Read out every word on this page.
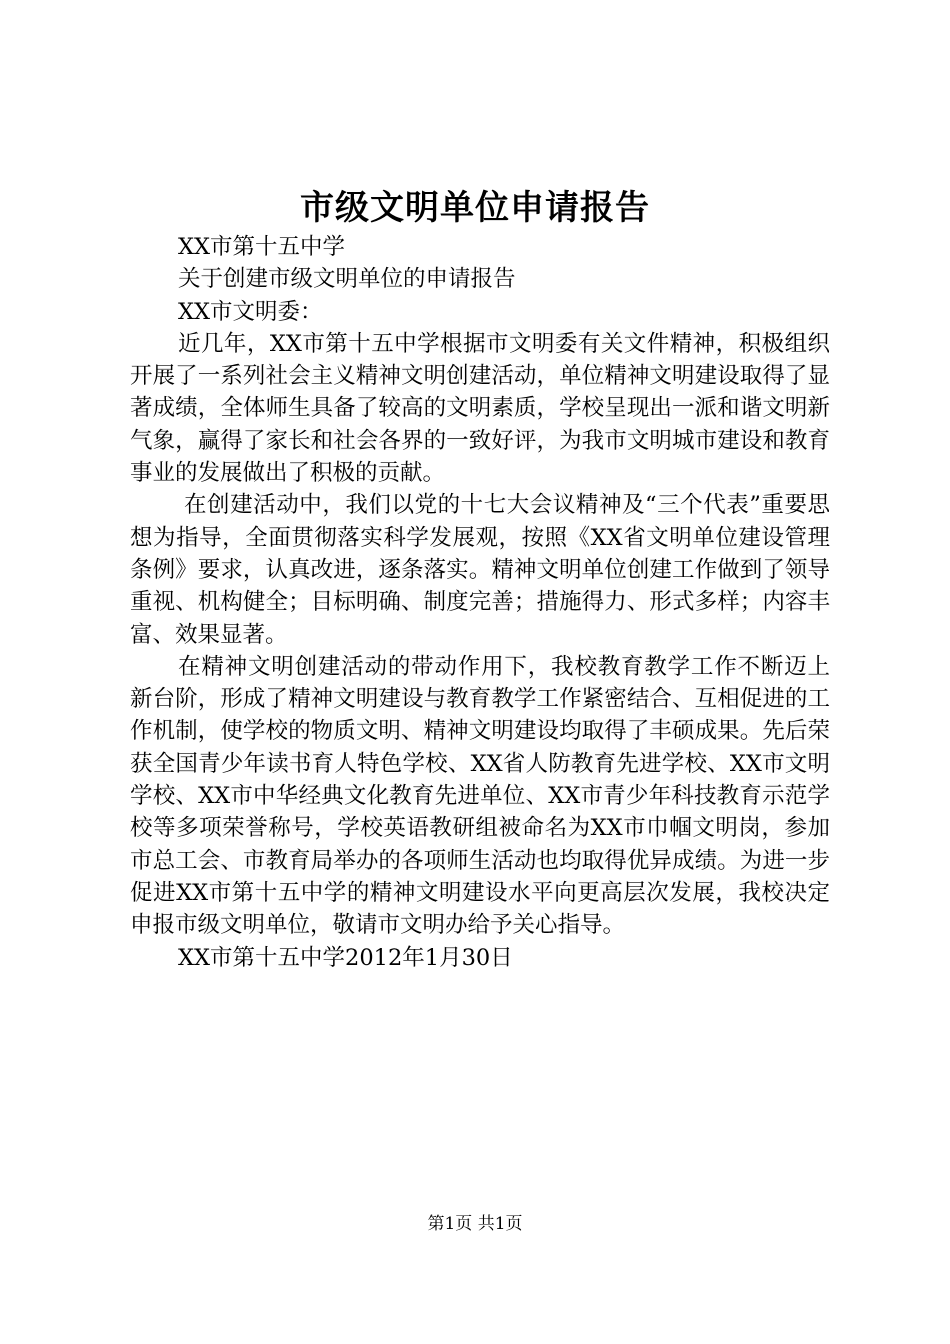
市级文明单位申请报告

XX市第十五中学

关于创建市级文明单位的申请报告

XX市文明委：

近几年，XX市第十五中学根据市文明委有关文件精神，积极组织开展了一系列社会主义精神文明创建活动，单位精神文明建设取得了显著成绩，全体师生具备了较高的文明素质，学校呈现出一派和谐文明新气象，赢得了家长和社会各界的一致好评，为我市文明城市建设和教育事业的发展做出了积极的贡献。

在创建活动中，我们以党的十七大会议精神及“三个代表”重要思想为指导，全面贯彻落实科学发展观，按照《XX省文明单位建设管理条例》要求，认真改进，逐条落实。精神文明单位创建工作做到了领导重视、机构健全；目标明确、制度完善；措施得力、形式多样；内容丰富、效果显著。

在精神文明创建活动的带动作用下，我校教育教学工作不断迈上新台阶，形成了精神文明建设与教育教学工作紧密结合、互相促进的工作机制，使学校的物质文明、精神文明建设均取得了丰硕成果。先后荣获全国青少年读书育人特色学校、XX省人防教育先进学校、XX市文明学校、XX市中华经典文化教育先进单位、XX市青少年科技教育示范学校等多项荣誉称号，学校英语教研组被命名为XX市巾帼文明岗，参加市总工会、市教育局举办的各项师生活动也均取得优异成绩。为进一步促进XX市第十五中学的精神文明建设水平向更高层次发展，我校决定申报市级文明单位，敬请市文明办给予关心指导。

XX市第十五中学2012年1月30日

第1页 共1页
